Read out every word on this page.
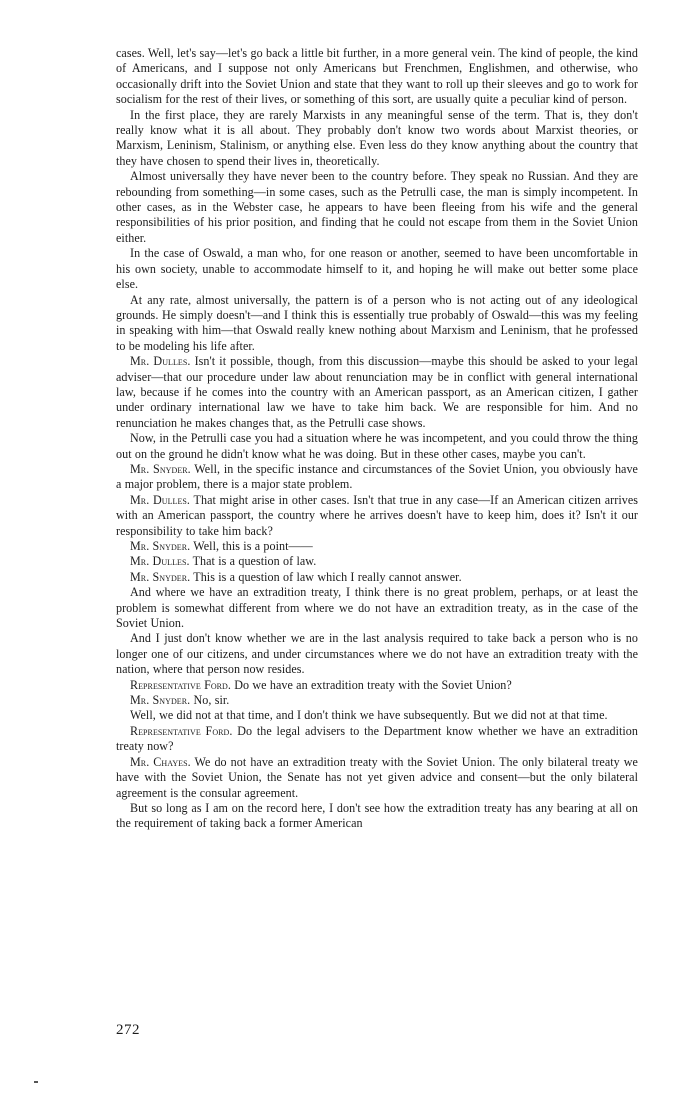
cases. Well, let's say—let's go back a little bit further, in a more general vein. The kind of people, the kind of Americans, and I suppose not only Americans but Frenchmen, Englishmen, and otherwise, who occasionally drift into the Soviet Union and state that they want to roll up their sleeves and go to work for socialism for the rest of their lives, or something of this sort, are usually quite a peculiar kind of person.

In the first place, they are rarely Marxists in any meaningful sense of the term. That is, they don't really know what it is all about. They probably don't know two words about Marxist theories, or Marxism, Leninism, Stalinism, or anything else. Even less do they know anything about the country that they have chosen to spend their lives in, theoretically.

Almost universally they have never been to the country before. They speak no Russian. And they are rebounding from something—in some cases, such as the Petrulli case, the man is simply incompetent. In other cases, as in the Webster case, he appears to have been fleeing from his wife and the general responsibilities of his prior position, and finding that he could not escape from them in the Soviet Union either.

In the case of Oswald, a man who, for one reason or another, seemed to have been uncomfortable in his own society, unable to accommodate himself to it, and hoping he will make out better some place else.

At any rate, almost universally, the pattern is of a person who is not acting out of any ideological grounds. He simply doesn't—and I think this is essentially true probably of Oswald—this was my feeling in speaking with him—that Oswald really knew nothing about Marxism and Leninism, that he professed to be modeling his life after.

Mr. Dulles. Isn't it possible, though, from this discussion—maybe this should be asked to your legal adviser—that our procedure under law about renunciation may be in conflict with general international law, because if he comes into the country with an American passport, as an American citizen, I gather under ordinary international law we have to take him back. We are responsible for him. And no renunciation he makes changes that, as the Petrulli case shows.

Now, in the Petrulli case you had a situation where he was incompetent, and you could throw the thing out on the ground he didn't know what he was doing. But in these other cases, maybe you can't.

Mr. Snyder. Well, in the specific instance and circumstances of the Soviet Union, you obviously have a major problem, there is a major state problem.

Mr. Dulles. That might arise in other cases. Isn't that true in any case—If an American citizen arrives with an American passport, the country where he arrives doesn't have to keep him, does it? Isn't it our responsibility to take him back?

Mr. Snyder. Well, this is a point——

Mr. Dulles. That is a question of law.

Mr. Snyder. This is a question of law which I really cannot answer.

And where we have an extradition treaty, I think there is no great problem, perhaps, or at least the problem is somewhat different from where we do not have an extradition treaty, as in the case of the Soviet Union.

And I just don't know whether we are in the last analysis required to take back a person who is no longer one of our citizens, and under circumstances where we do not have an extradition treaty with the nation, where that person now resides.

Representative Ford. Do we have an extradition treaty with the Soviet Union?

Mr. Snyder. No, sir.

Well, we did not at that time, and I don't think we have subsequently. But we did not at that time.

Representative Ford. Do the legal advisers to the Department know whether we have an extradition treaty now?

Mr. Chayes. We do not have an extradition treaty with the Soviet Union. The only bilateral treaty we have with the Soviet Union, the Senate has not yet given advice and consent—but the only bilateral agreement is the consular agreement.

But so long as I am on the record here, I don't see how the extradition treaty has any bearing at all on the requirement of taking back a former American

272
